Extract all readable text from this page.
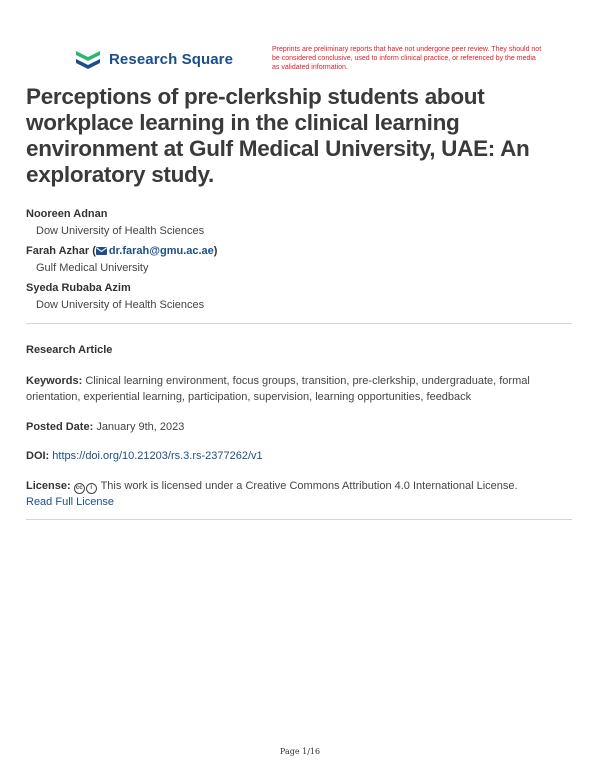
Research Square
Preprints are preliminary reports that have not undergone peer review. They should not be considered conclusive, used to inform clinical practice, or referenced by the media as validated information.
Perceptions of pre-clerkship students about workplace learning in the clinical learning environment at Gulf Medical University, UAE: An exploratory study.
Nooreen Adnan
Dow University of Health Sciences
Farah Azhar ( dr.farah@gmu.ac.ae)
Gulf Medical University
Syeda Rubaba Azim
Dow University of Health Sciences
Research Article
Keywords: Clinical learning environment, focus groups, transition, pre-clerkship, undergraduate, formal orientation, experiential learning, participation, supervision, learning opportunities, feedback
Posted Date: January 9th, 2023
DOI: https://doi.org/10.21203/rs.3.rs-2377262/v1
License: cc i This work is licensed under a Creative Commons Attribution 4.0 International License.
Read Full License
Page 1/16
